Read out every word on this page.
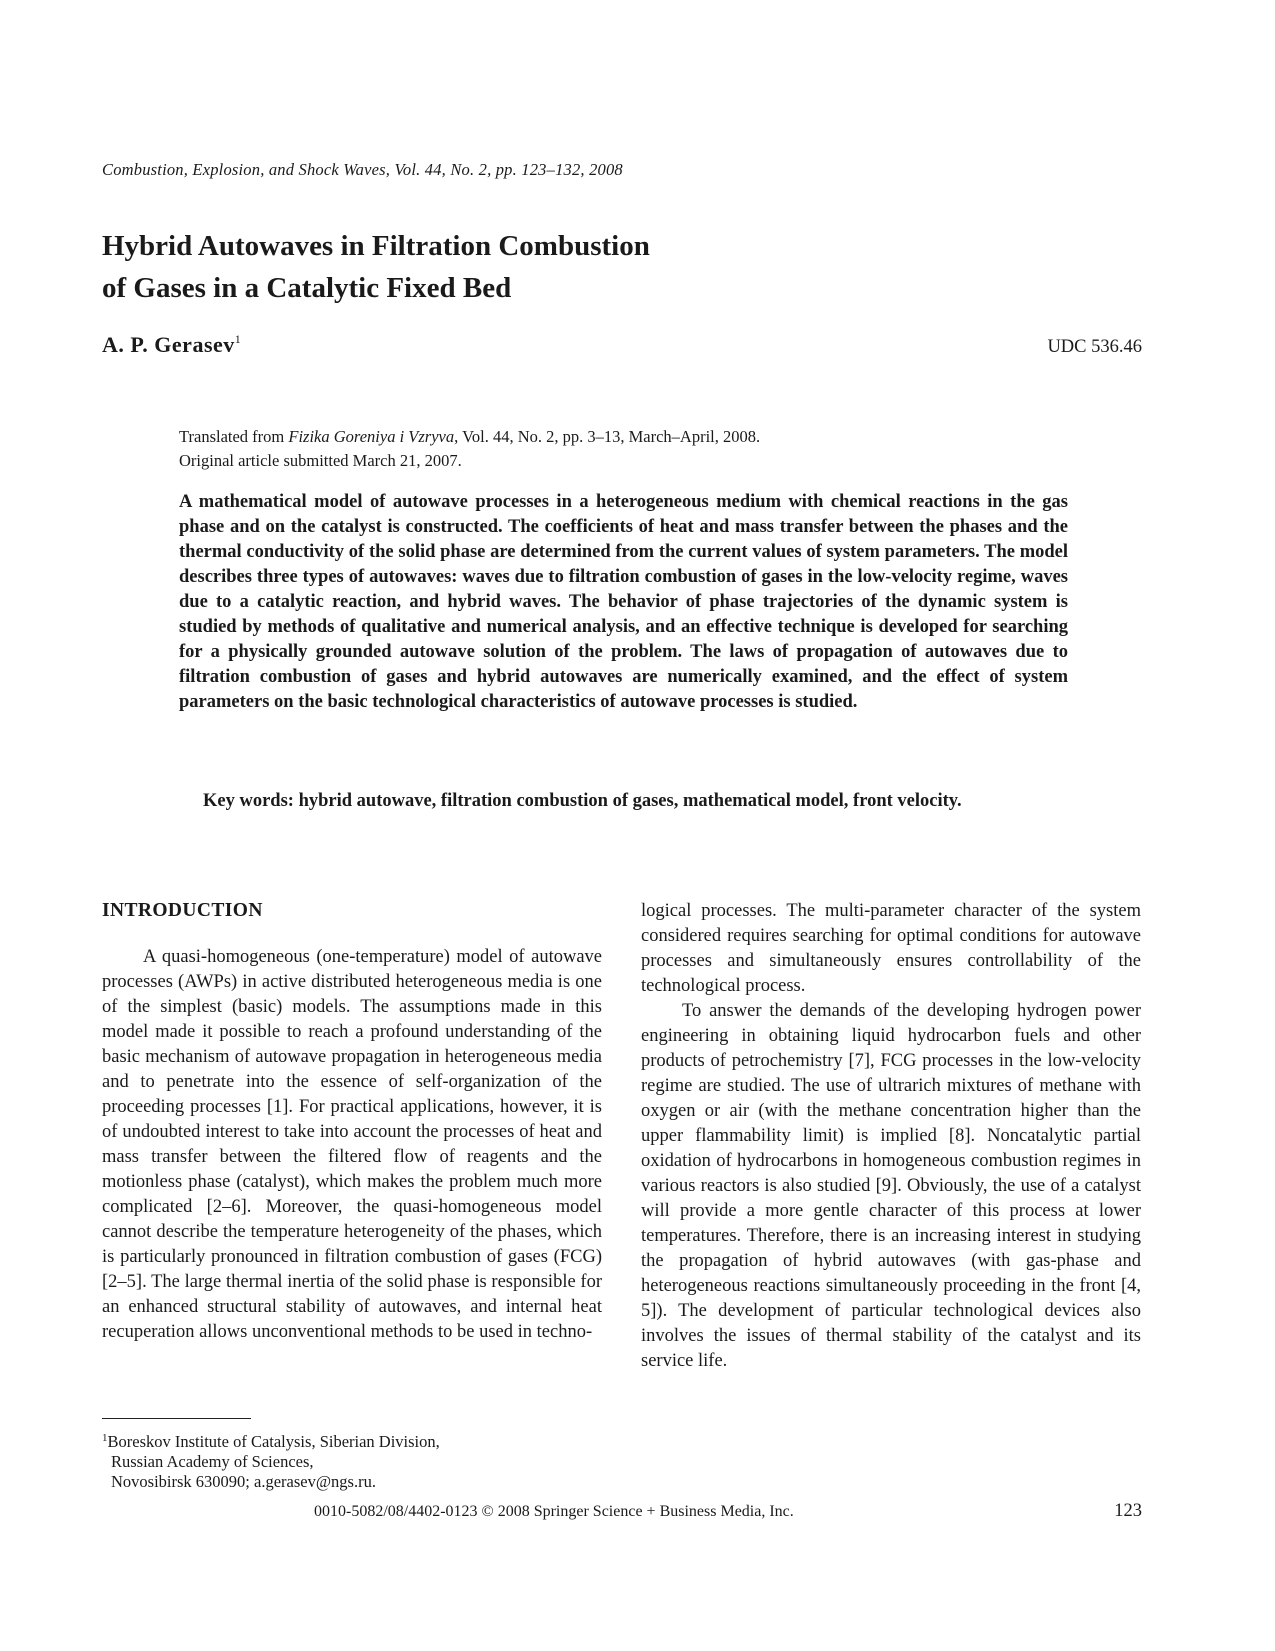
Combustion, Explosion, and Shock Waves, Vol. 44, No. 2, pp. 123–132, 2008
Hybrid Autowaves in Filtration Combustion
of Gases in a Catalytic Fixed Bed
A. P. Gerasev$^1$	UDC 536.46
Translated from Fizika Goreniya i Vzryva, Vol. 44, No. 2, pp. 3–13, March–April, 2008.
Original article submitted March 21, 2007.

A mathematical model of autowave processes in a heterogeneous medium with chemical reactions in the gas phase and on the catalyst is constructed. The coefficients of heat and mass transfer between the phases and the thermal conductivity of the solid phase are determined from the current values of system parameters. The model describes three types of autowaves: waves due to filtration combustion of gases in the low-velocity regime, waves due to a catalytic reaction, and hybrid waves. The behavior of phase trajectories of the dynamic system is studied by methods of qualitative and numerical analysis, and an effective technique is developed for searching for a physically grounded autowave solution of the problem. The laws of propagation of autowaves due to filtration combustion of gases and hybrid autowaves are numerically examined, and the effect of system parameters on the basic technological characteristics of autowave processes is studied.

Key words: hybrid autowave, filtration combustion of gases, mathematical model, front velocity.

INTRODUCTION

A quasi-homogeneous (one-temperature) model of autowave processes (AWPs) in active distributed heterogeneous media is one of the simplest (basic) models. The assumptions made in this model made it possible to reach a profound understanding of the basic mechanism of autowave propagation in heterogeneous media and to penetrate into the essence of self-organization of the proceeding processes [1]. For practical applications, however, it is of undoubted interest to take into account the processes of heat and mass transfer between the filtered flow of reagents and the motionless phase (catalyst), which makes the problem much more complicated [2–6]. Moreover, the quasi-homogeneous model cannot describe the temperature heterogeneity of the phases, which is particularly pronounced in filtration combustion of gases (FCG) [2–5]. The large thermal inertia of the solid phase is responsible for an enhanced structural stability of autowaves, and internal heat recuperation allows unconventional methods to be used in techno-

logical processes. The multi-parameter character of the system considered requires searching for optimal conditions for autowave processes and simultaneously ensures controllability of the technological process.

To answer the demands of the developing hydrogen power engineering in obtaining liquid hydrocarbon fuels and other products of petrochemistry [7], FCG processes in the low-velocity regime are studied. The use of ultrarich mixtures of methane with oxygen or air (with the methane concentration higher than the upper flammability limit) is implied [8]. Noncatalytic partial oxidation of hydrocarbons in homogeneous combustion regimes in various reactors is also studied [9]. Obviously, the use of a catalyst will provide a more gentle character of this process at lower temperatures. Therefore, there is an increasing interest in studying the propagation of hybrid autowaves (with gas-phase and heterogeneous reactions simultaneously proceeding in the front [4, 5]). The development of particular technological devices also involves the issues of thermal stability of the catalyst and its service life.

$^1$Boreskov Institute of Catalysis, Siberian Division,
Russian Academy of Sciences,
Novosibirsk 630090; a.gerasev@ngs.ru.
0010-5082/08/4402-0123 © 2008 Springer Science + Business Media, Inc.	123
